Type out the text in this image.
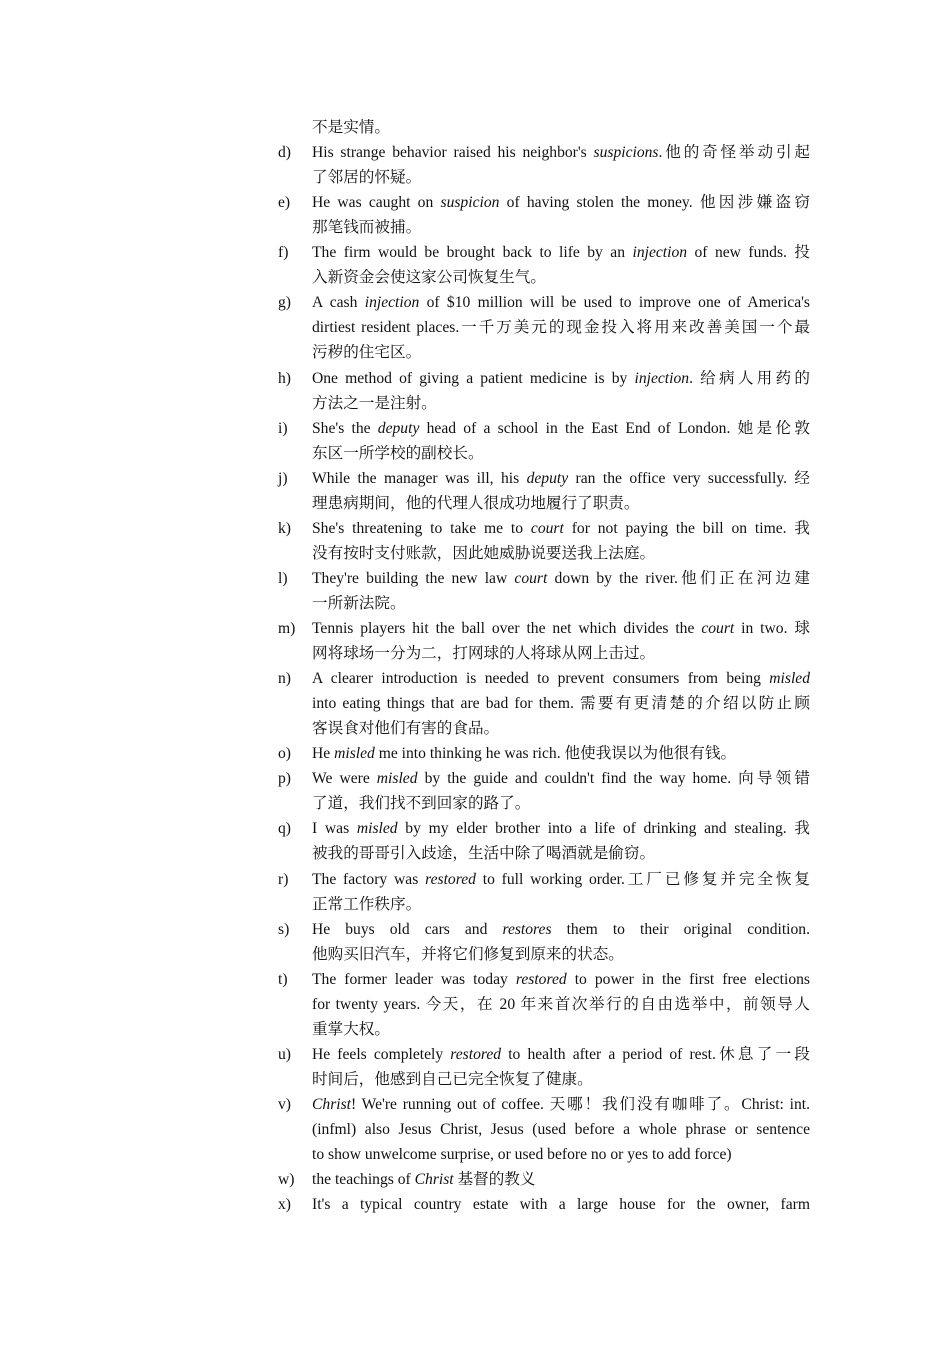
不是实情。
d)	His strange behavior raised his neighbor's suspicions.他的奇怪举动引起
了邻居的怀疑。
e)	He was caught on suspicion of having stolen the money. 他因涉嫌盗窃
那笔钱而被捕。
f)	The firm would be brought back to life by an injection of new funds. 投
入新资金会使这家公司恢复生气。
g)	A cash injection of $10 million will be used to improve one of America's
dirtiest resident places.一千万美元的现金投入将用来改善美国一个最
污秽的住宅区。
h)	One method of giving a patient medicine is by injection. 给病人用药的
方法之一是注射。
i)	She's the deputy head of a school in the East End of London. 她是伦敦
东区一所学校的副校长。
j)	While the manager was ill, his deputy ran the office very successfully. 经
理患病期间，他的代理人很成功地履行了职责。
k)	She's threatening to take me to court for not paying the bill on time. 我
没有按时支付账款，因此她威胁说要送我上法庭。
l)	They're building the new law court down by the river.他们正在河边建
一所新法院。
m)	Tennis players hit the ball over the net which divides the court in two. 球
网将球场一分为二，打网球的人将球从网上击过。
n)	A clearer introduction is needed to prevent consumers from being misled
into eating things that are bad for them. 需要有更清楚的介绍以防止顾
客误食对他们有害的食品。
o)	He misled me into thinking he was rich. 他使我误以为他很有钱。
p)	We were misled by the guide and couldn't find the way home. 向导领错
了道，我们找不到回家的路了。
q)	I was misled by my elder brother into a life of drinking and stealing. 我
被我的哥哥引入歧途，生活中除了喝酒就是偷窃。
r)	The factory was restored to full working order.工厂已修复并完全恢复
正常工作秩序。
s)	He buys old cars and restores them to their original condition.
他购买旧汽车，并将它们修复到原来的状态。
t)	The former leader was today restored to power in the first free elections
for twenty years. 今天，在 20 年来首次举行的自由选举中，前领导人
重掌大权。
u)	He feels completely restored to health after a period of rest.休息了一段
时间后，他感到自己已完全恢复了健康。
v)	Christ! We're running out of coffee. 天哪！我们没有咖啡了。Christ: int.
(infml) also Jesus Christ, Jesus (used before a whole phrase or sentence
to show unwelcome surprise, or used before no or yes to add force)
w)	the teachings of Christ 基督的教义
x)	It's a typical country estate with a large house for the owner, farm
